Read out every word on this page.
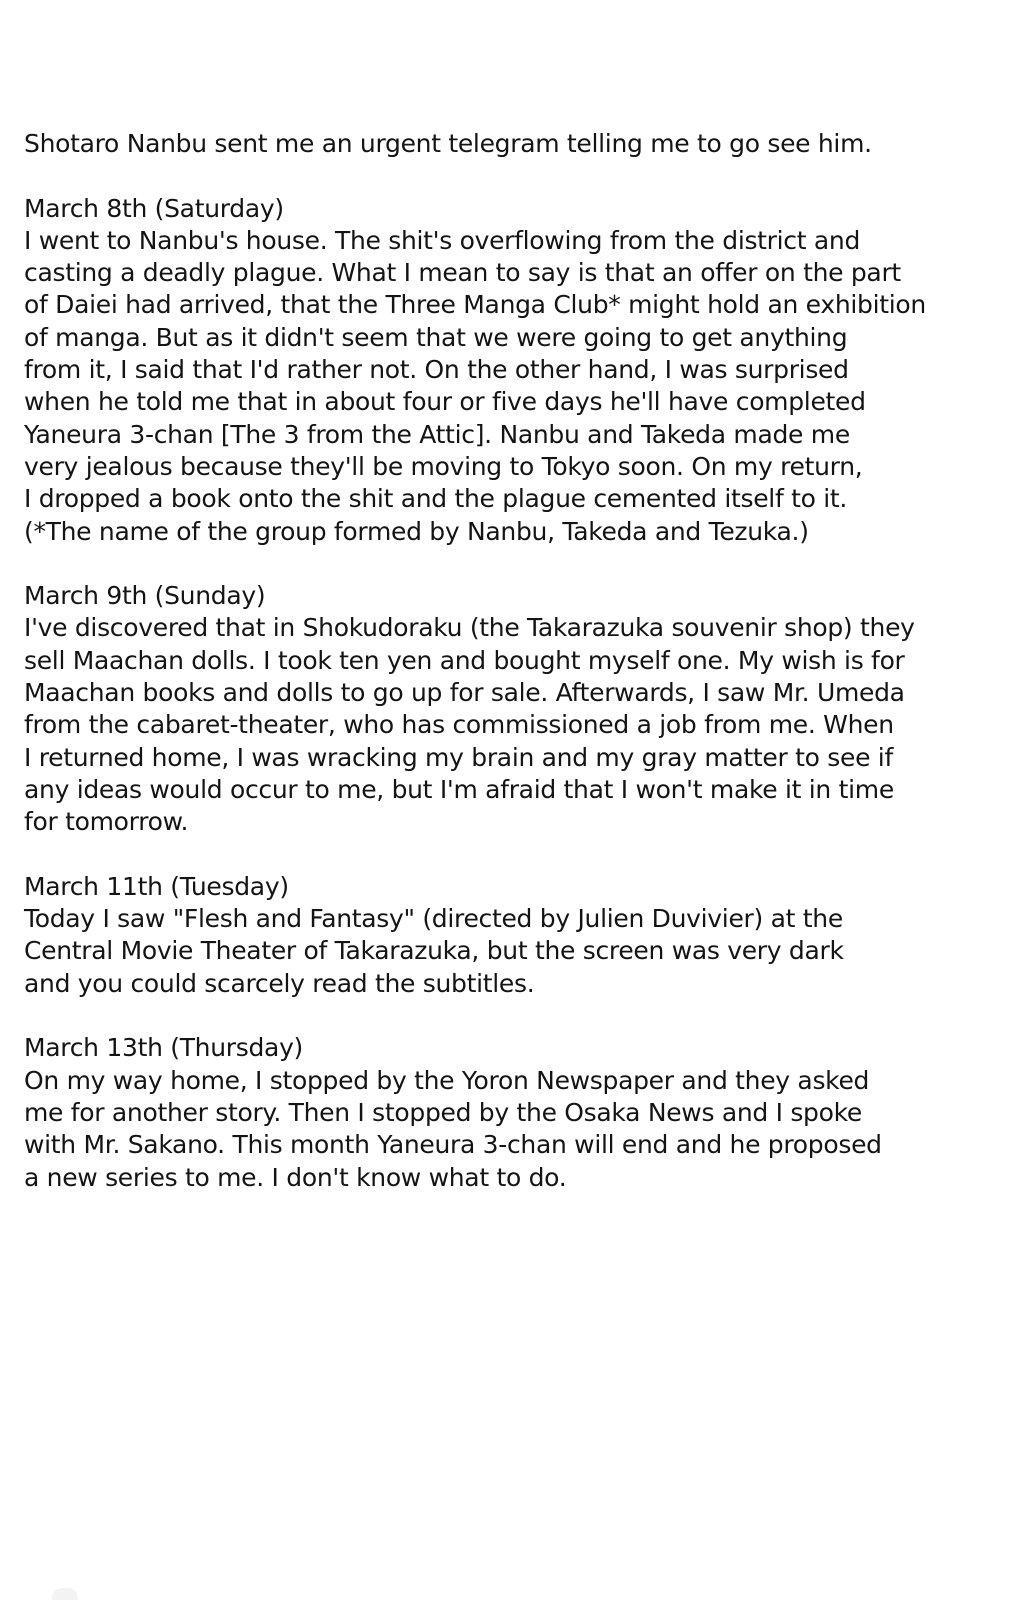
Shotaro Nanbu sent me an urgent telegram telling me to go see him.
March 8th (Saturday)
I went to Nanbu's house. The shit's overflowing from the district and
casting a deadly plague. What I mean to say is that an offer on the part
of Daiei had arrived, that the Three Manga Club* might hold an exhibition
of manga. But as it didn't seem that we were going to get anything
from it, I said that I'd rather not. On the other hand, I was surprised
when he told me that in about four or five days he'll have completed
Yaneura 3-chan [The 3 from the Attic]. Nanbu and Takeda made me
very jealous because they'll be moving to Tokyo soon. On my return,
I dropped a book onto the shit and the plague cemented itself to it.
(*The name of the group formed by Nanbu, Takeda and Tezuka.)
March 9th (Sunday)
I've discovered that in Shokudoraku (the Takarazuka souvenir shop) they
sell Maachan dolls. I took ten yen and bought myself one. My wish is for
Maachan books and dolls to go up for sale. Afterwards, I saw Mr. Umeda
from the cabaret-theater, who has commissioned a job from me. When
I returned home, I was wracking my brain and my gray matter to see if
any ideas would occur to me, but I'm afraid that I won't make it in time
for tomorrow.
March 11th (Tuesday)
Today I saw "Flesh and Fantasy" (directed by Julien Duvivier) at the
Central Movie Theater of Takarazuka, but the screen was very dark
and you could scarcely read the subtitles.
March 13th (Thursday)
On my way home, I stopped by the Yoron Newspaper and they asked
me for another story. Then I stopped by the Osaka News and I spoke
with Mr. Sakano. This month Yaneura 3-chan will end and he proposed
a new series to me. I don't know what to do.
